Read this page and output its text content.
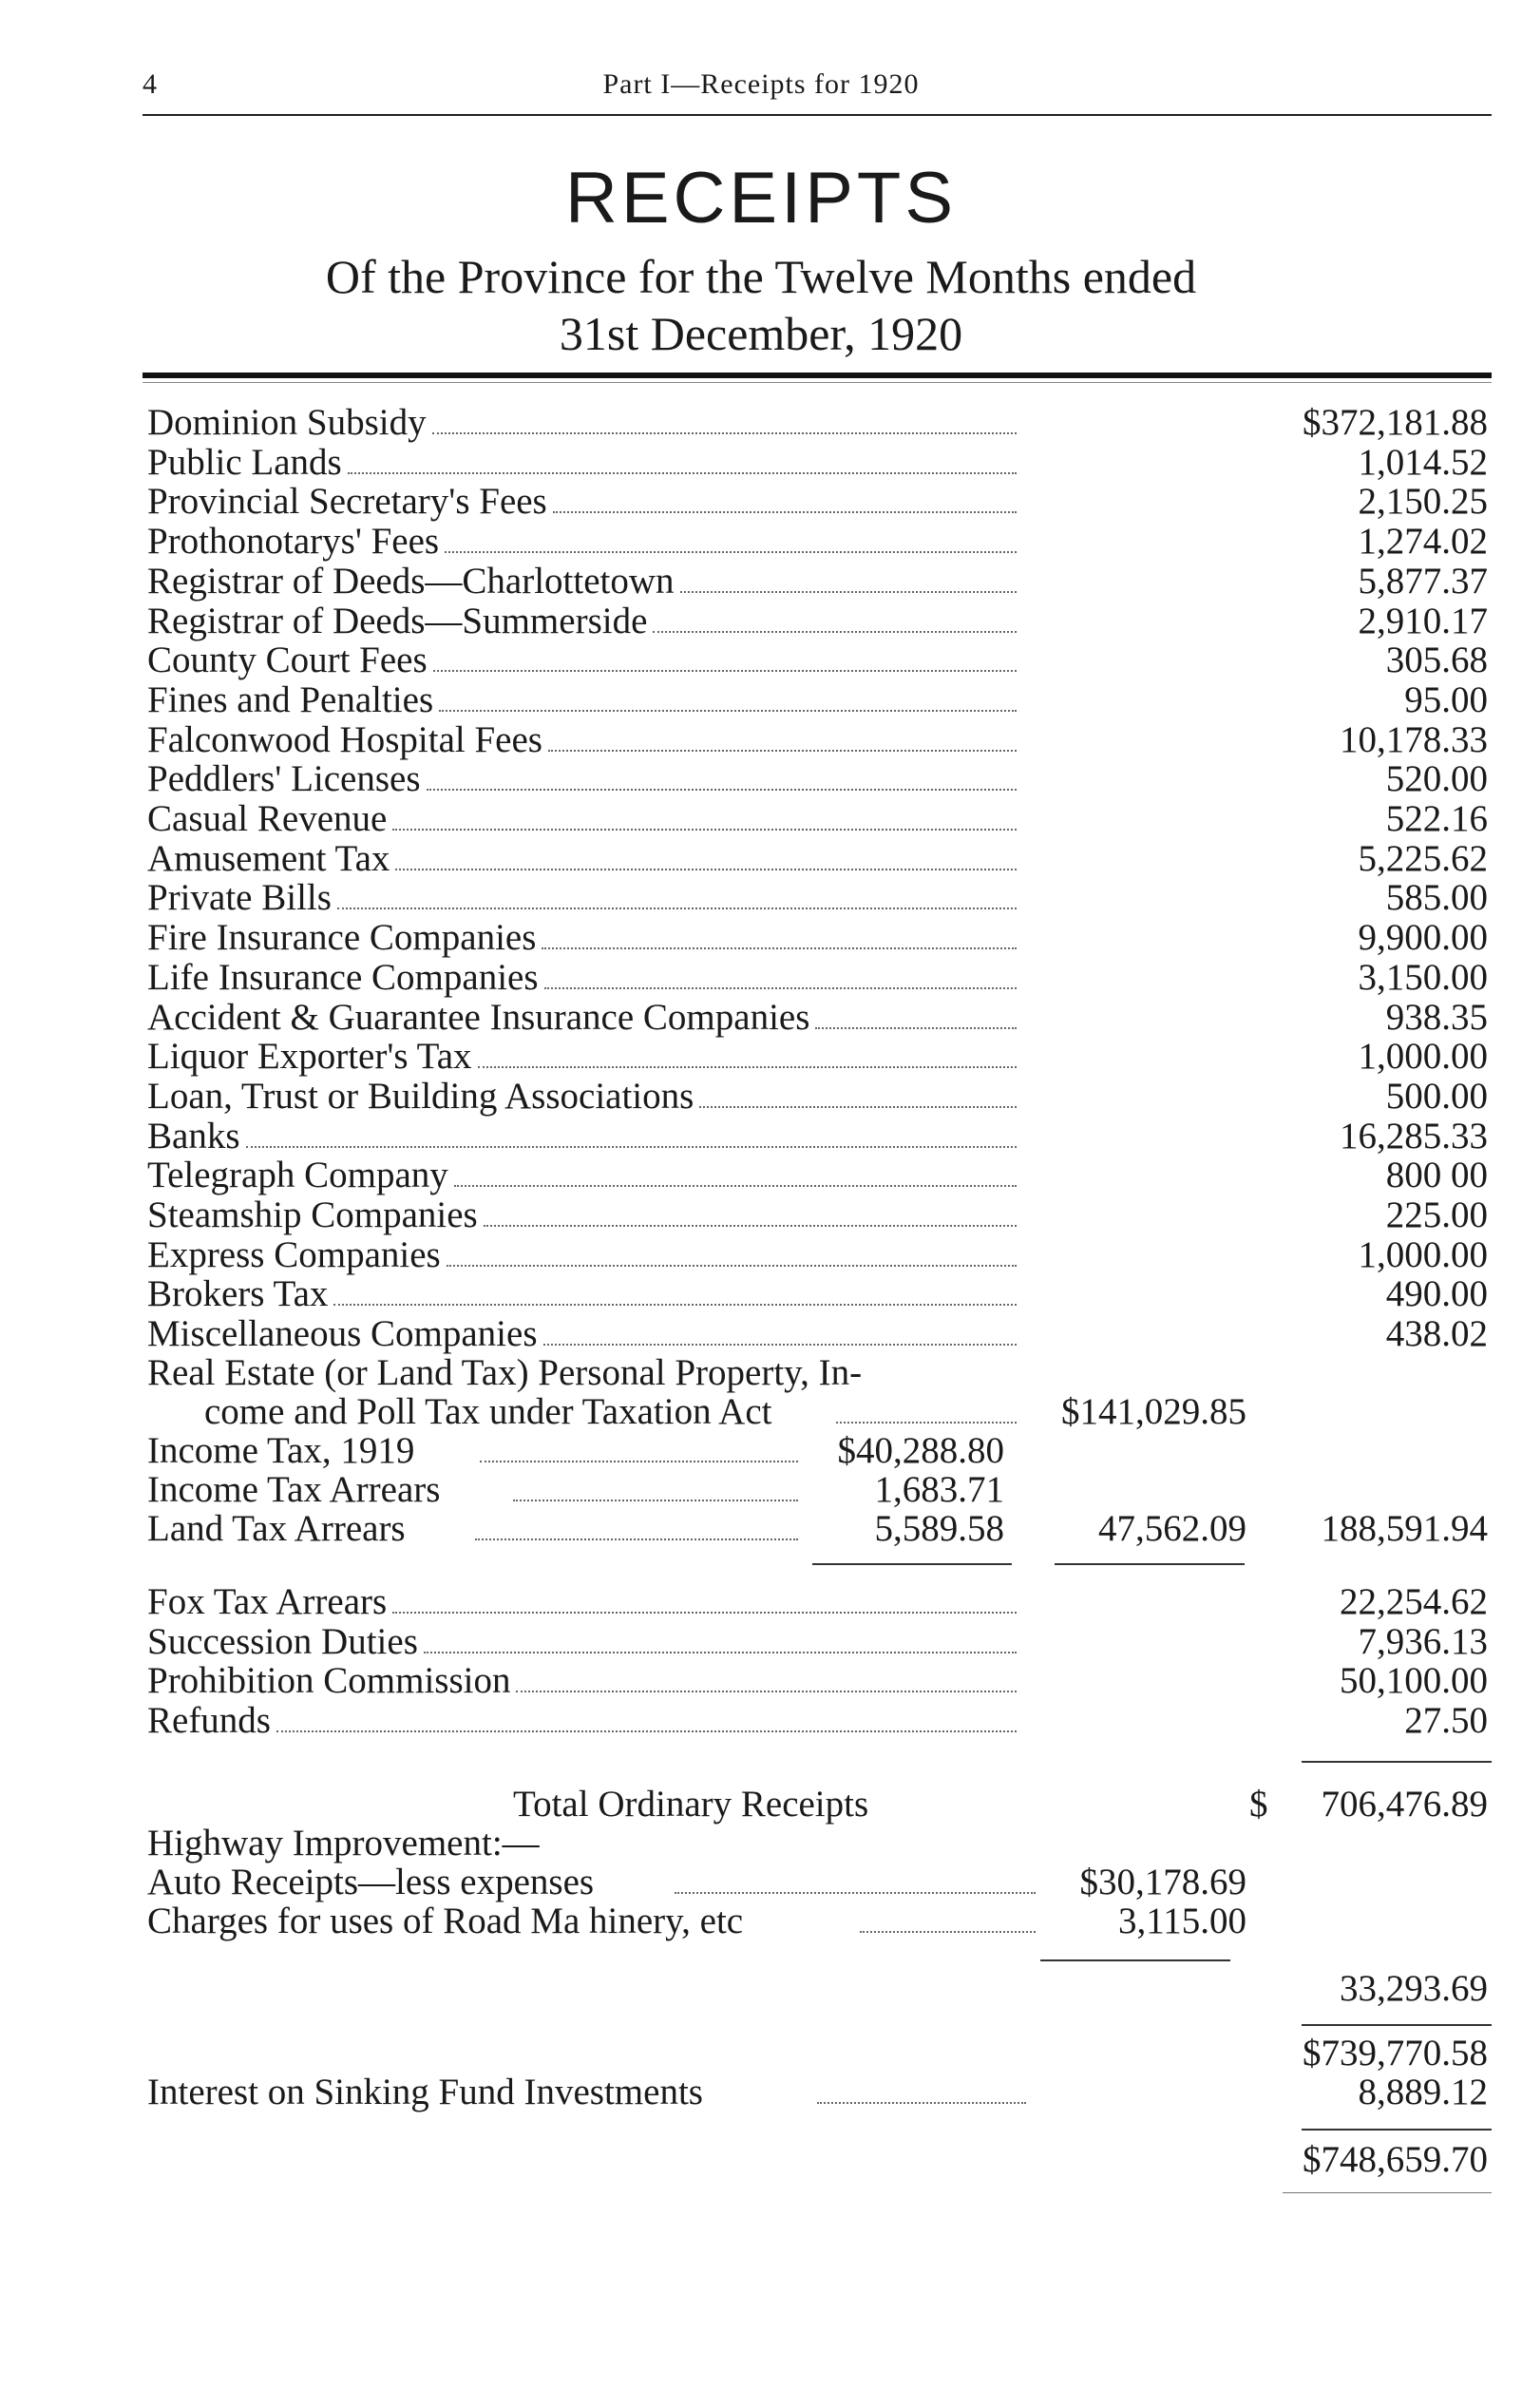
4	Part I—Receipts for 1920
RECEIPTS
Of the Province for the Twelve Months ended
31st December, 1920
Dominion Subsidy	$372,181.88
Public Lands	1,014.52
Provincial Secretary's Fees	2,150.25
Prothonotarys' Fees	1,274.02
Registrar of Deeds—Charlottetown	5,877.37
Registrar of Deeds—Summerside	2,910.17
County Court Fees	305.68
Fines and Penalties	95.00
Falconwood Hospital Fees	10,178.33
Peddlers' Licenses	520.00
Casual Revenue	522.16
Amusement Tax	5,225.62
Private Bills	585.00
Fire Insurance Companies	9,900.00
Life Insurance Companies	3,150.00
Accident & Guarantee Insurance Companies	938.35
Liquor Exporter's Tax	1,000.00
Loan, Trust or Building Associations	500.00
Banks	16,285.33
Telegraph Company	800 00
Steamship Companies	225.00
Express Companies	1,000.00
Brokers Tax	490.00
Miscellaneous Companies	438.02
Real Estate (or Land Tax) Personal Property, In-
come and Poll Tax under Taxation Act	$141,029.85
Income Tax, 1919	$40,288.80
Income Tax Arrears	1,683.71
Land Tax Arrears	5,589.58	47,562.09 188,591.94
Fox Tax Arrears	22,254.62
Succession Duties	7,936.13
Prohibition Commission	50,100.00
Refunds	27.50
Total Ordinary Receipts	$ 706,476.89
Highway Improvement:—
Auto Receipts—less expenses	$30,178.69
Charges for uses of Road Ma hinery, etc	3,115.00
33,293.69
$739,770.58
Interest on Sinking Fund Investments	8,889.12
$748,659.70
